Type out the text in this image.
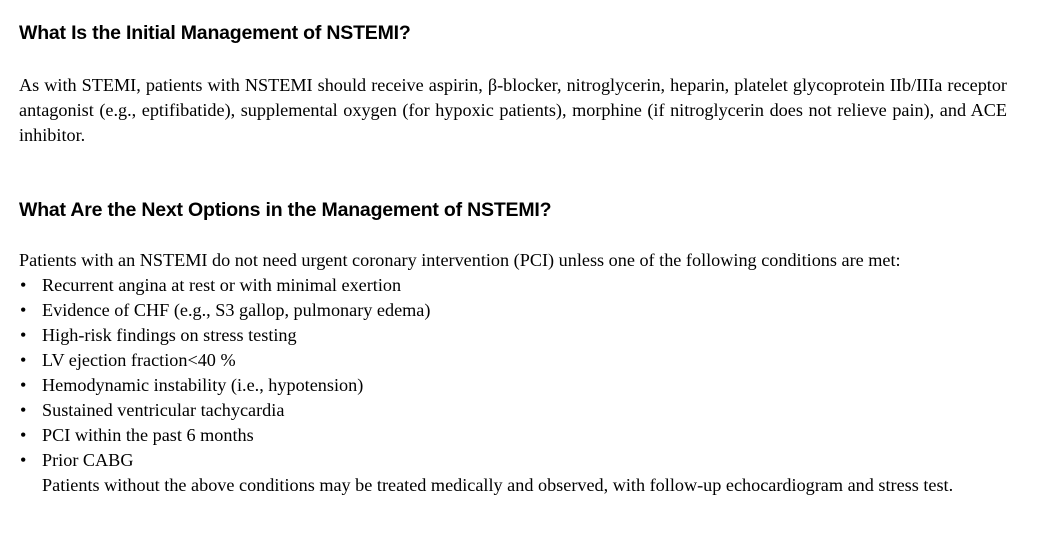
What Is the Initial Management of NSTEMI?

As with STEMI, patients with NSTEMI should receive aspirin, β-blocker, nitroglycerin, heparin, platelet glycoprotein IIb/IIIa receptor antagonist (e.g., eptifibatide), supplemental oxygen (for hypoxic patients), morphine (if nitroglycerin does not relieve pain), and ACE inhibitor.

What Are the Next Options in the Management of NSTEMI?

Patients with an NSTEMI do not need urgent coronary intervention (PCI) unless one of the following conditions are met:

• Recurrent angina at rest or with minimal exertion
• Evidence of CHF (e.g., S3 gallop, pulmonary edema)
• High-risk findings on stress testing
• LV ejection fraction<40 %
• Hemodynamic instability (i.e., hypotension)
• Sustained ventricular tachycardia
• PCI within the past 6 months
• Prior CABG

Patients without the above conditions may be treated medically and observed, with follow-up echocardiogram and stress test.
